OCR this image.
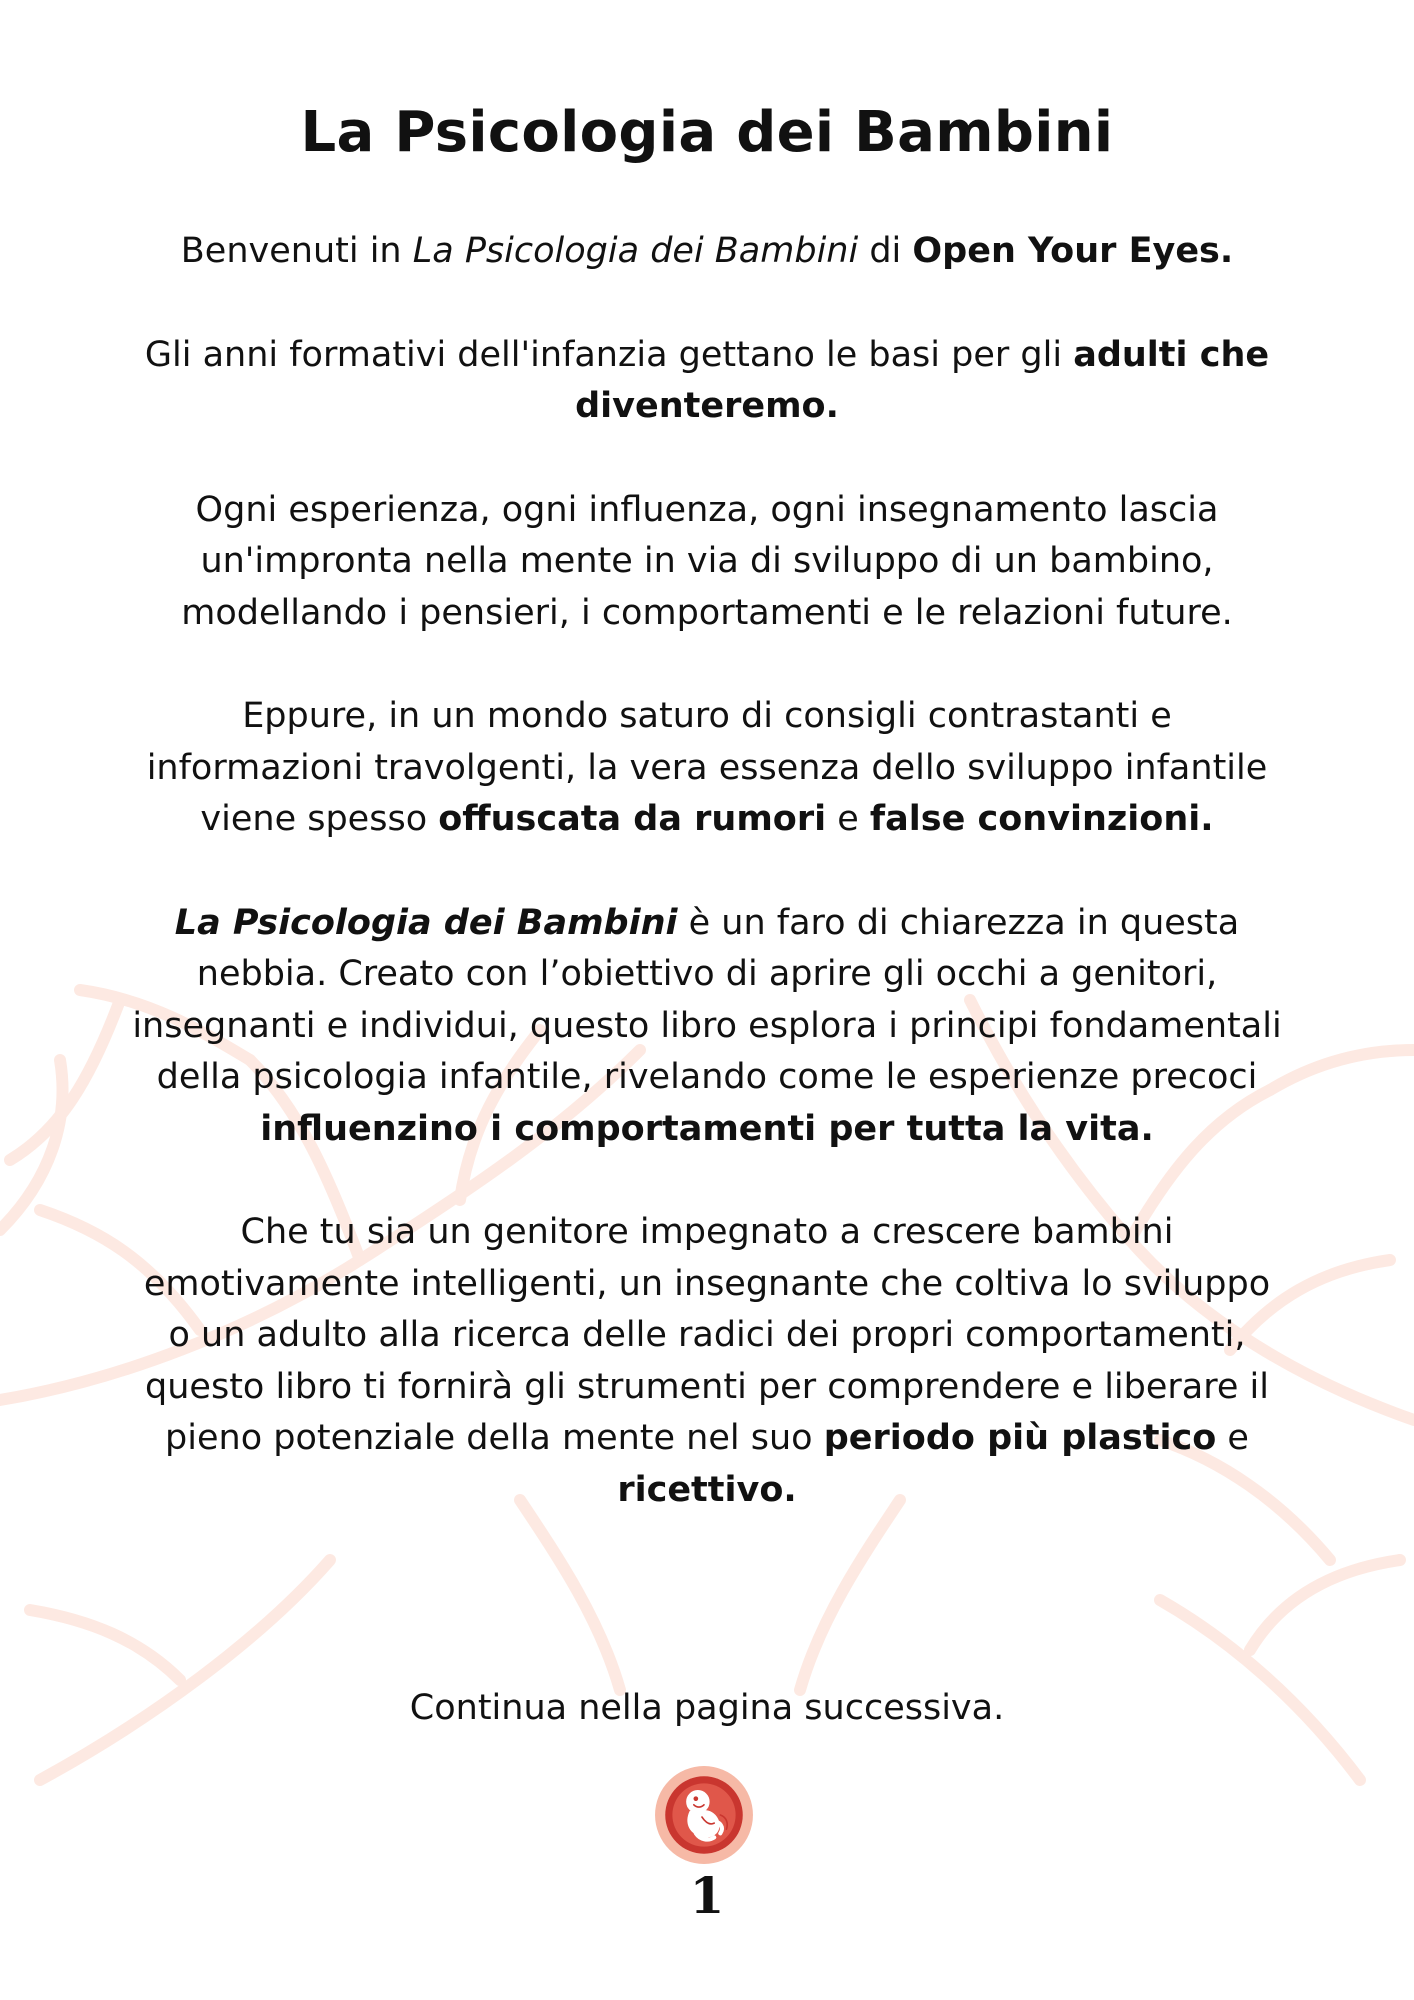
La Psicologia dei Bambini

Benvenuti in La Psicologia dei Bambini di Open Your Eyes.

Gli anni formativi dell'infanzia gettano le basi per gli adulti che diventeremo.

Ogni esperienza, ogni influenza, ogni insegnamento lascia un'impronta nella mente in via di sviluppo di un bambino, modellando i pensieri, i comportamenti e le relazioni future.

Eppure, in un mondo saturo di consigli contrastanti e informazioni travolgenti, la vera essenza dello sviluppo infantile viene spesso offuscata da rumori e false convinzioni.

La Psicologia dei Bambini è un faro di chiarezza in questa nebbia. Creato con l’obiettivo di aprire gli occhi a genitori, insegnanti e individui, questo libro esplora i principi fondamentali della psicologia infantile, rivelando come le esperienze precoci influenzino i comportamenti per tutta la vita.

Che tu sia un genitore impegnato a crescere bambini emotivamente intelligenti, un insegnante che coltiva lo sviluppo o un adulto alla ricerca delle radici dei propri comportamenti, questo libro ti fornirà gli strumenti per comprendere e liberare il pieno potenziale della mente nel suo periodo più plastico e ricettivo.

Continua nella pagina successiva.

1
